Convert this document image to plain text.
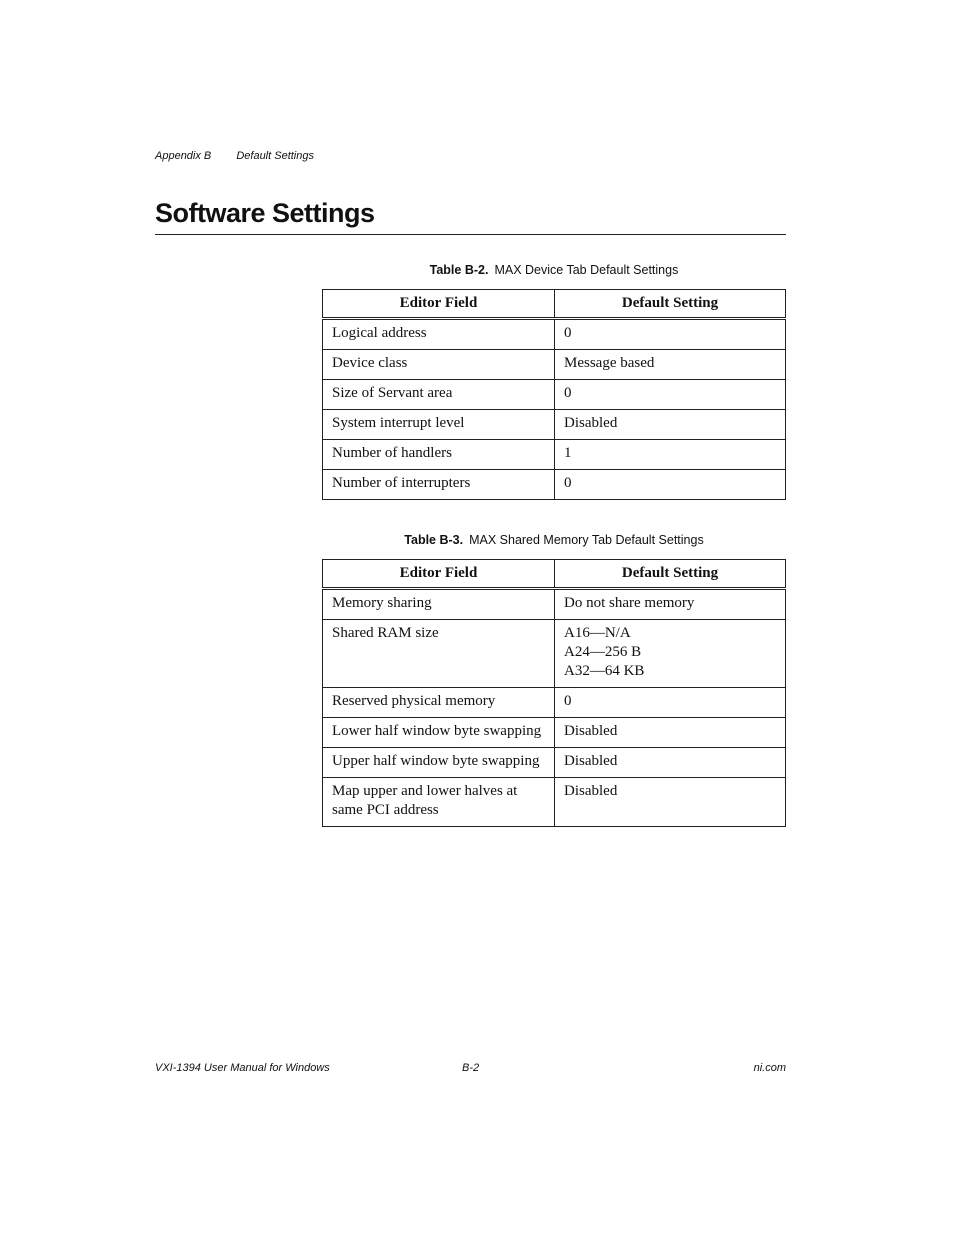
Appendix B Default Settings
Software Settings
Table B-2. MAX Device Tab Default Settings
Editor Field	Default Setting
Logical address	0
Device class	Message based
Size of Servant area	0
System interrupt level	Disabled
Number of handlers	1
Number of interrupters	0
Table B-3. MAX Shared Memory Tab Default Settings
Editor Field	Default Setting
Memory sharing	Do not share memory
Shared RAM size	A16—N/A
A24—256 B
A32—64 KB

Reserved physical memory	0
Lower half window byte swapping	Disabled
Upper half window byte swapping	Disabled
Map upper and lower halves at same PCI address	Disabled
VXI-1394 User Manual for Windows	B-2	ni.com
